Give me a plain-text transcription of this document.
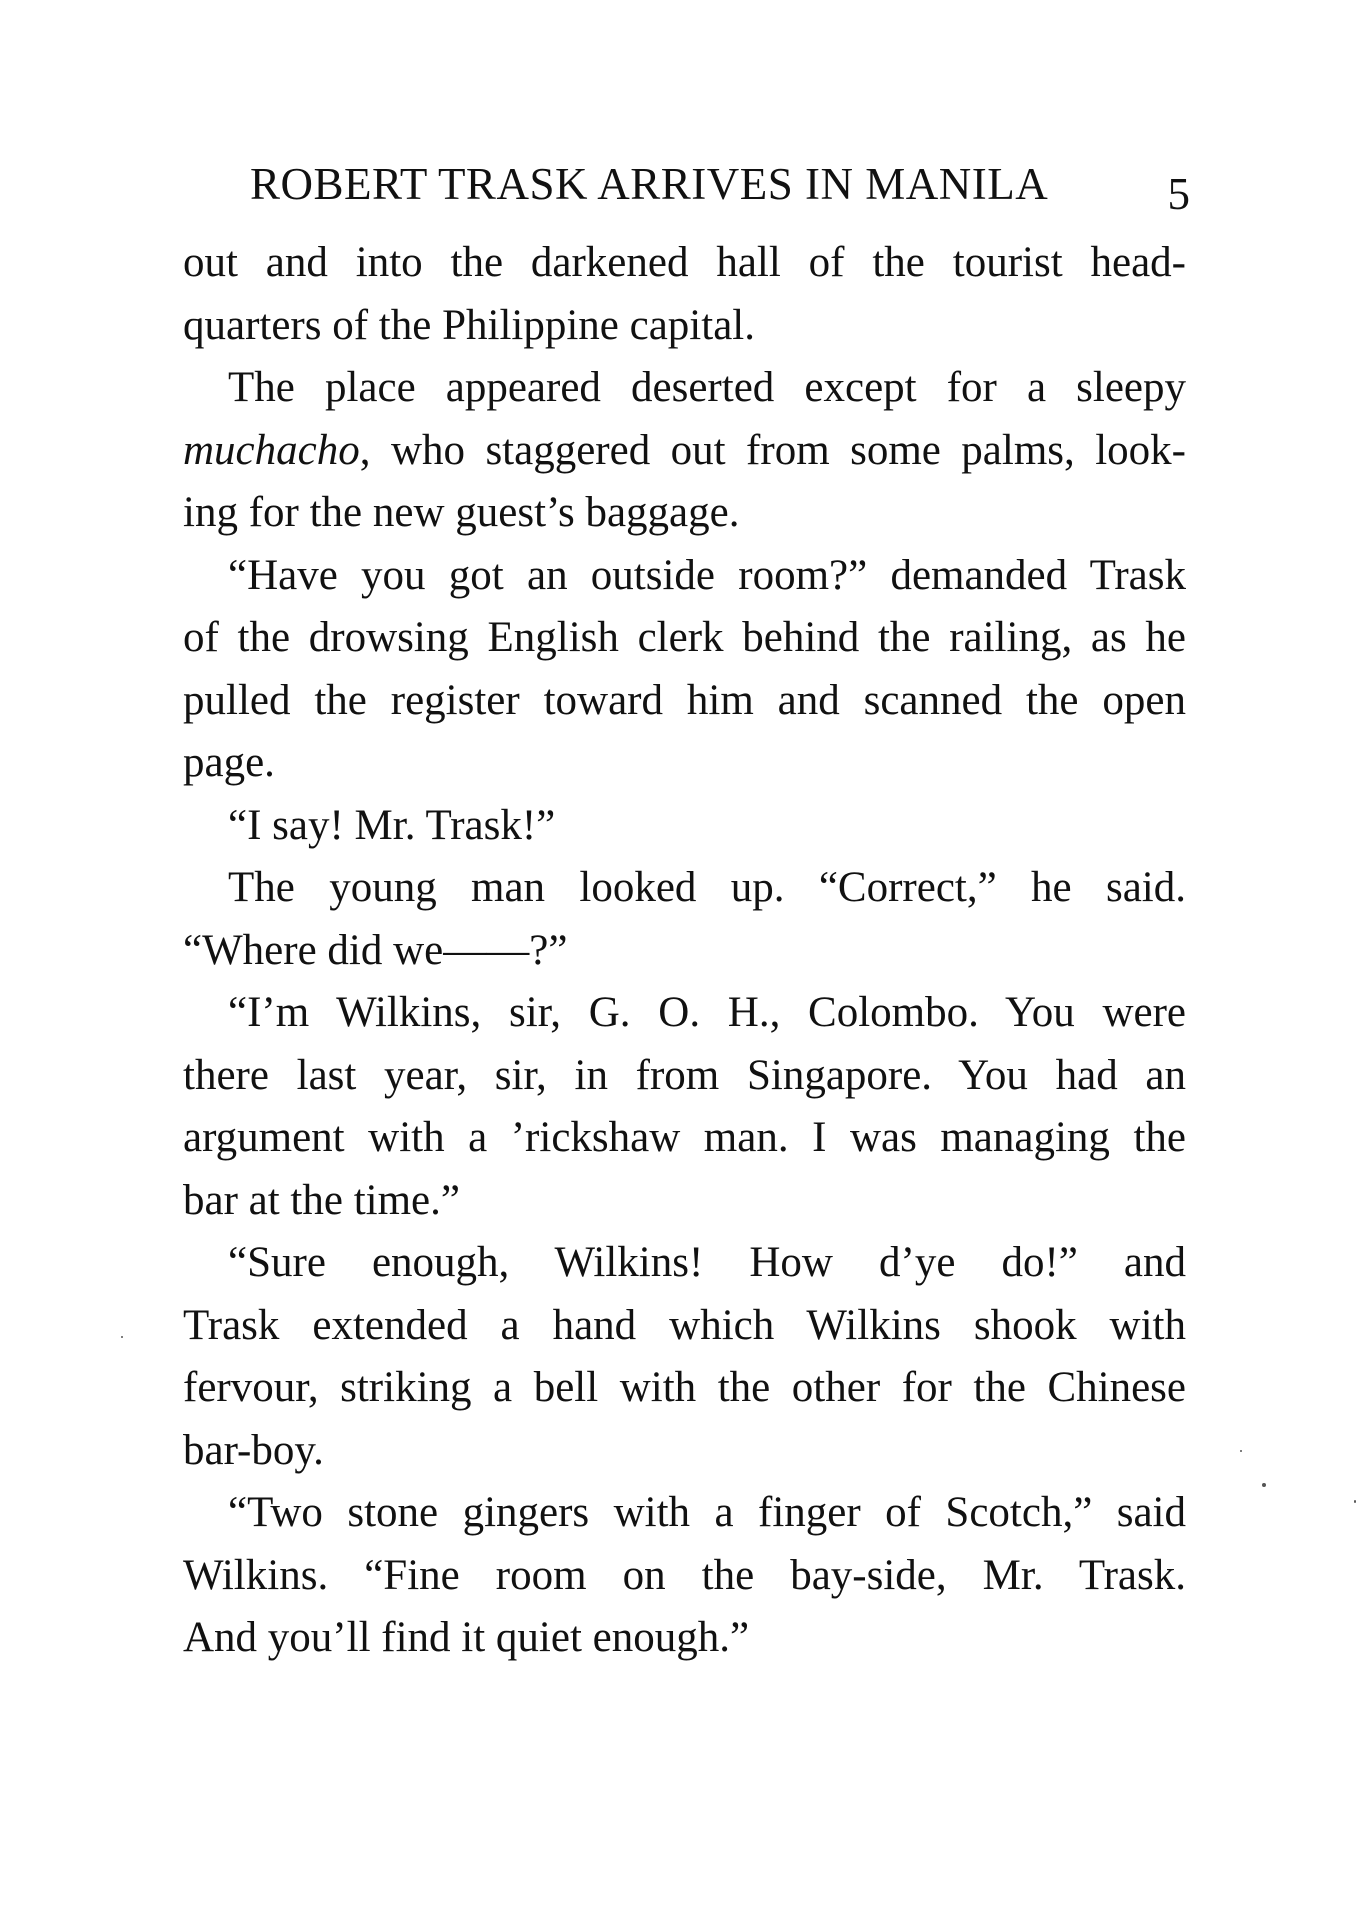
ROBERT TRASK ARRIVES IN MANILA	5
out and into the darkened hall of the tourist head-
quarters of the Philippine capital.
The place appeared deserted except for a sleepy
muchacho, who staggered out from some palms, look-
ing for the new guest’s baggage.
“Have you got an outside room?” demanded Trask
of the drowsing English clerk behind the railing, as he
pulled the register toward him and scanned the open
page.
“I say! Mr. Trask!”
The young man looked up. “Correct,” he said.
“Where did we——?”
“I’m Wilkins, sir, G. O. H., Colombo. You were
there last year, sir, in from Singapore. You had an
argument with a ’rickshaw man. I was managing the
bar at the time.”
“Sure enough, Wilkins! How d’ye do!” and
Trask extended a hand which Wilkins shook with
fervour, striking a bell with the other for the Chinese
bar-boy.
“Two stone gingers with a finger of Scotch,” said
Wilkins. “Fine room on the bay-side, Mr. Trask.
And you’ll find it quiet enough.”
